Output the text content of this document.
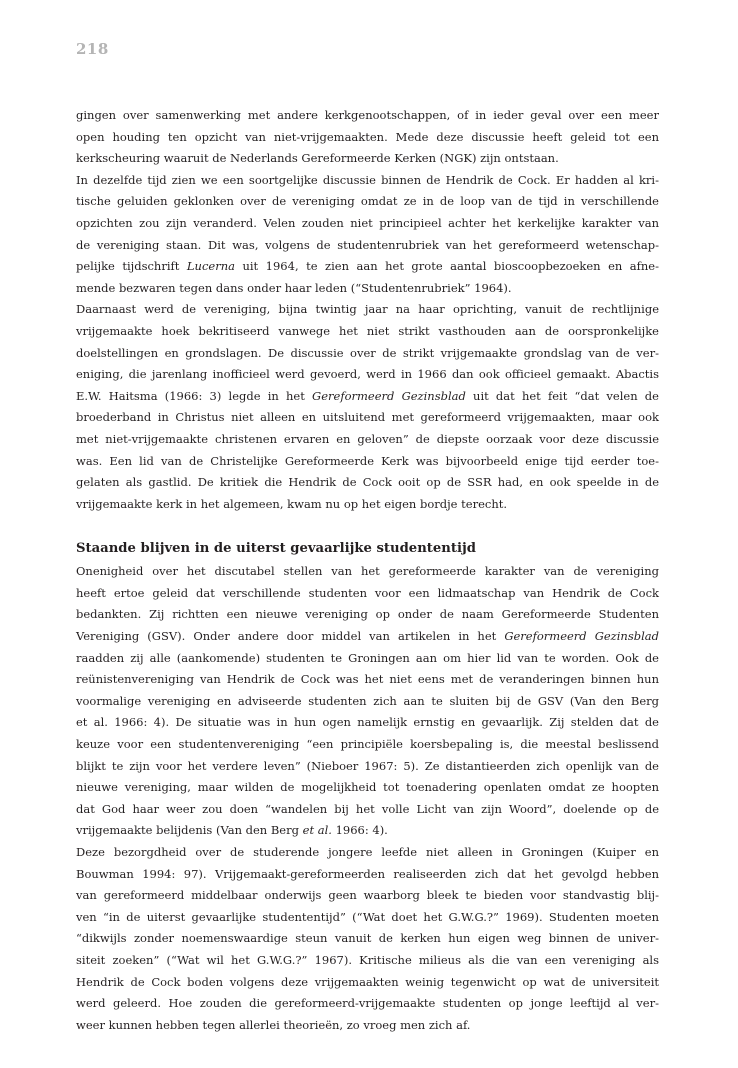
218
gingen over samenwerking met andere kerkgenootschappen, of in ieder geval over een meer
open houding ten opzicht van niet-vrijgemaakten. Mede deze discussie heeft geleid tot een
kerkscheuring waaruit de Nederlands Gereformeerde Kerken (NGK) zijn ontstaan.
In dezelfde tijd zien we een soortgelijke discussie binnen de Hendrik de Cock. Er hadden al kri-
tische geluiden geklonken over de vereniging omdat ze in de loop van de tijd in verschillende
opzichten zou zijn veranderd. Velen zouden niet principieel achter het kerkelijke karakter van
de vereniging staan. Dit was, volgens de studentenrubriek van het gereformeerd wetenschap-
pelijke tijdschrift Lucerna uit 1964, te zien aan het grote aantal bioscoopbezoeken en afne-
mende bezwaren tegen dans onder haar leden (“Studentenrubriek” 1964).
Daarnaast werd de vereniging, bijna twintig jaar na haar oprichting, vanuit de rechtlijnige
vrijgemaakte hoek bekritiseerd vanwege het niet strikt vasthouden aan de oorspronkelijke
doelstellingen en grondslagen. De discussie over de strikt vrijgemaakte grondslag van de ver-
eniging, die jarenlang inofficieel werd gevoerd, werd in 1966 dan ook officieel gemaakt. Abactis
E.W. Haitsma (1966: 3) legde in het Gereformeerd Gezinsblad uit dat het feit “dat velen de
broederband in Christus niet alleen en uitsluitend met gereformeerd vrijgemaakten, maar ook
met niet-vrijgemaakte christenen ervaren en geloven” de diepste oorzaak voor deze discussie
was. Een lid van de Christelijke Gereformeerde Kerk was bijvoorbeeld enige tijd eerder toe-
gelaten als gastlid. De kritiek die Hendrik de Cock ooit op de SSR had, en ook speelde in de
vrijgemaakte kerk in het algemeen, kwam nu op het eigen bordje terecht.
Staande blijven in de uiterst gevaarlijke studententijd
Onenigheid over het discutabel stellen van het gereformeerde karakter van de vereniging
heeft ertoe geleid dat verschillende studenten voor een lidmaatschap van Hendrik de Cock
bedankten. Zij richtten een nieuwe vereniging op onder de naam Gereformeerde Studenten
Vereniging (GSV). Onder andere door middel van artikelen in het Gereformeerd Gezinsblad
raadden zij alle (aankomende) studenten te Groningen aan om hier lid van te worden. Ook de
reünistenvereniging van Hendrik de Cock was het niet eens met de veranderingen binnen hun
voormalige vereniging en adviseerde studenten zich aan te sluiten bij de GSV (Van den Berg
et al. 1966: 4). De situatie was in hun ogen namelijk ernstig en gevaarlijk. Zij stelden dat de
keuze voor een studentenvereniging “een principiële koersbepaling is, die meestal beslissend
blijkt te zijn voor het verdere leven” (Nieboer 1967: 5). Ze distantieerden zich openlijk van de
nieuwe vereniging, maar wilden de mogelijkheid tot toenadering openlaten omdat ze hoopten
dat God haar weer zou doen “wandelen bij het volle Licht van zijn Woord”, doelende op de
vrijgemaakte belijdenis (Van den Berg et al. 1966: 4).
Deze bezorgdheid over de studerende jongere leefde niet alleen in Groningen (Kuiper en
Bouwman 1994: 97). Vrijgemaakt-gereformeerden realiseerden zich dat het gevolgd hebben
van gereformeerd middelbaar onderwijs geen waarborg bleek te bieden voor standvastig blij-
ven “in de uiterst gevaarlijke studententijd” (“Wat doet het G.W.G.?” 1969). Studenten moeten
“dikwijls zonder noemenswaardige steun vanuit de kerken hun eigen weg binnen de univer-
siteit zoeken” (“Wat wil het G.W.G.?” 1967). Kritische milieus als die van een vereniging als
Hendrik de Cock boden volgens deze vrijgemaakten weinig tegenwicht op wat de universiteit
werd geleerd. Hoe zouden die gereformeerd-vrijgemaakte studenten op jonge leeftijd al ver-
weer kunnen hebben tegen allerlei theorieën, zo vroeg men zich af.
